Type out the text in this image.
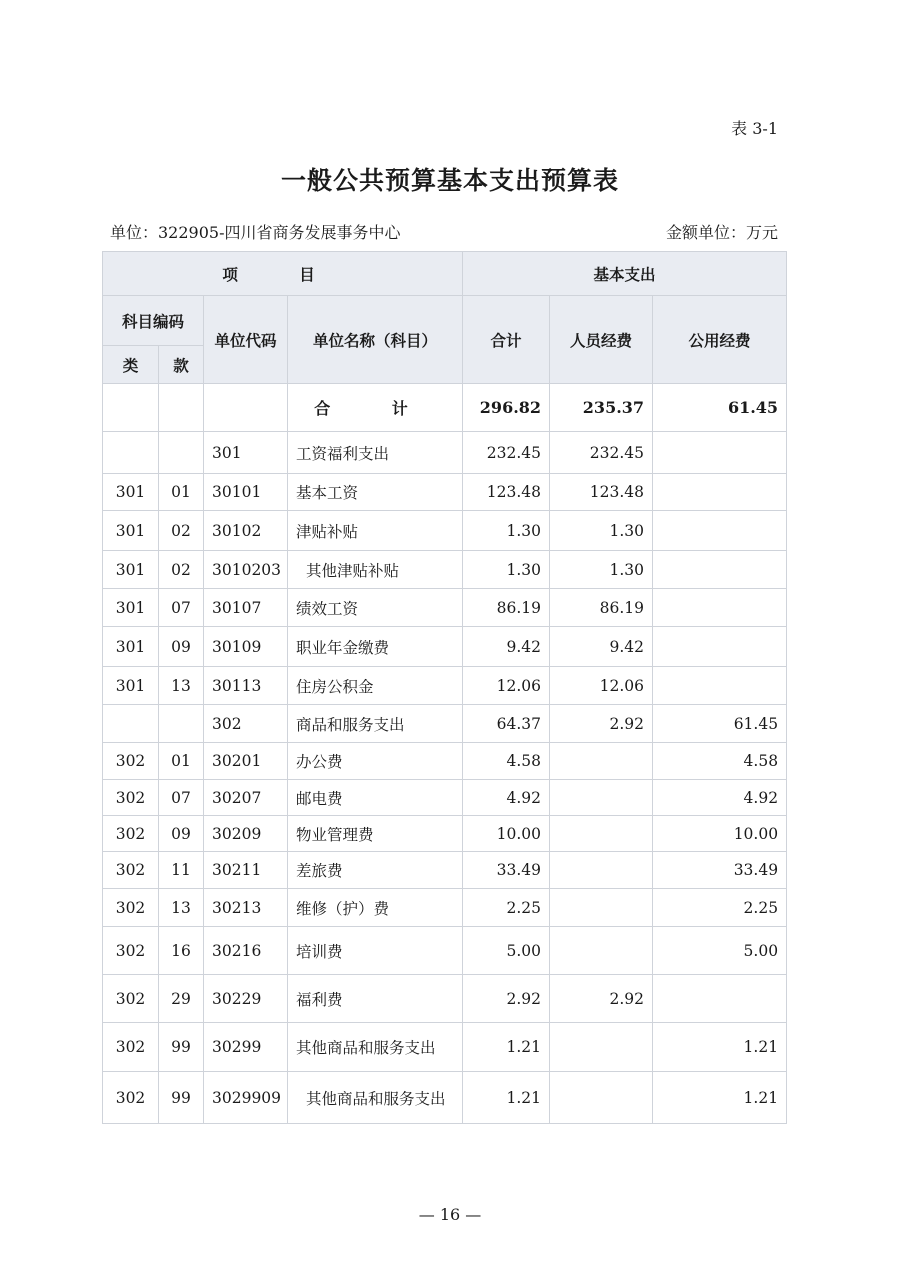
表 3-1
一般公共预算基本支出预算表
单位：322905-四川省商务发展事务中心	金额单位：万元
项 目				基本支出		
科目编码		单位代码	单位名称（科目）	合计	人员经费	公用经费
类	款					
			合 计	296.82	235.37	61.45
		301	工资福利支出	232.45	232.45	
301	01	30101	基本工资	123.48	123.48	
301	02	30102	津贴补贴	1.30	1.30	
301	02	3010203	其他津贴补贴	1.30	1.30	
301	07	30107	绩效工资	86.19	86.19	
301	09	30109	职业年金缴费	9.42	9.42	
301	13	30113	住房公积金	12.06	12.06	
		302	商品和服务支出	64.37	2.92	61.45
302	01	30201	办公费	4.58		4.58
302	07	30207	邮电费	4.92		4.92
302	09	30209	物业管理费	10.00		10.00
302	11	30211	差旅费	33.49		33.49
302	13	30213	维修（护）费	2.25		2.25
302	16	30216	培训费	5.00		5.00
302	29	30229	福利费	2.92	2.92	
302	99	30299	其他商品和服务支出	1.21		1.21
302	99	3029909	其他商品和服务支出	1.21		1.21
— 16 —
